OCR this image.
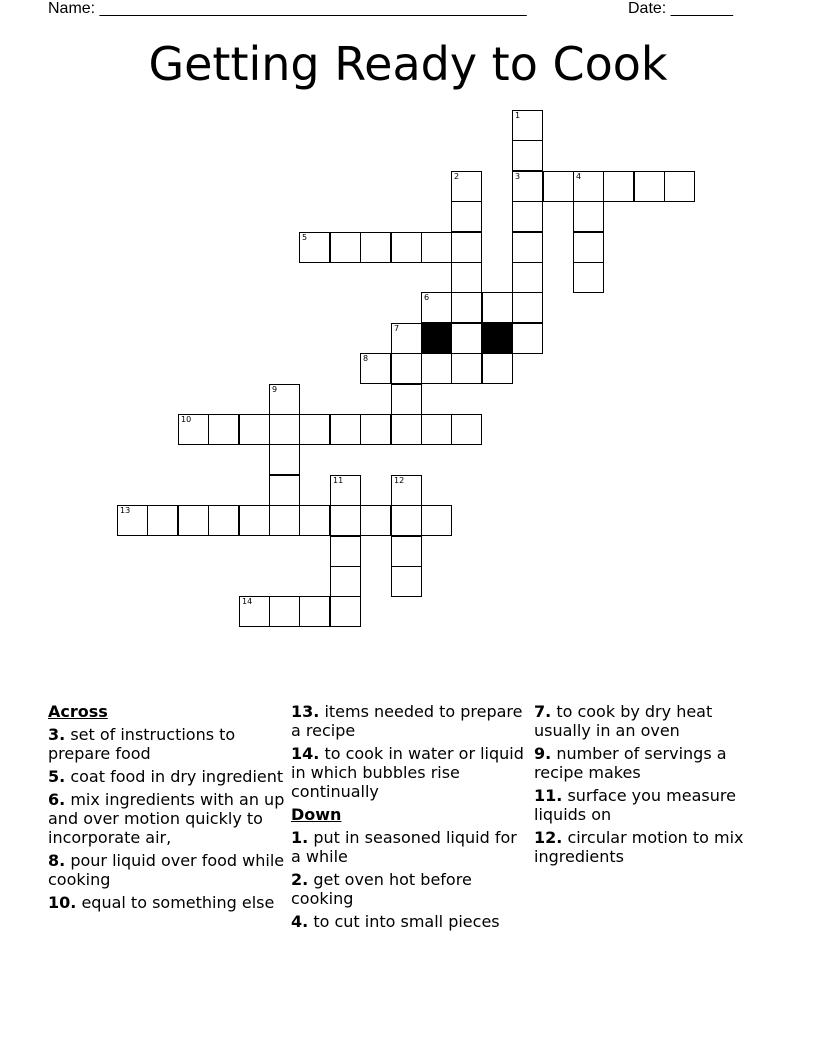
Name: ________________________________________________	Date: _______
Getting Ready to Cook
1
2	3	4
5
6
7
8
9
10
11	12
13
14
Across
3. set of instructions to prepare food
5. coat food in dry ingredient
6. mix ingredients with an up and over motion quickly to incorporate air,
8. pour liquid over food while cooking
10. equal to something else
13. items needed to prepare a recipe
14. to cook in water or liquid in which bubbles rise continually
Down
1. put in seasoned liquid for a while
2. get oven hot before cooking
4. to cut into small pieces
7. to cook by dry heat usually in an oven
9. number of servings a recipe makes
11. surface you measure liquids on
12. circular motion to mix ingredients
